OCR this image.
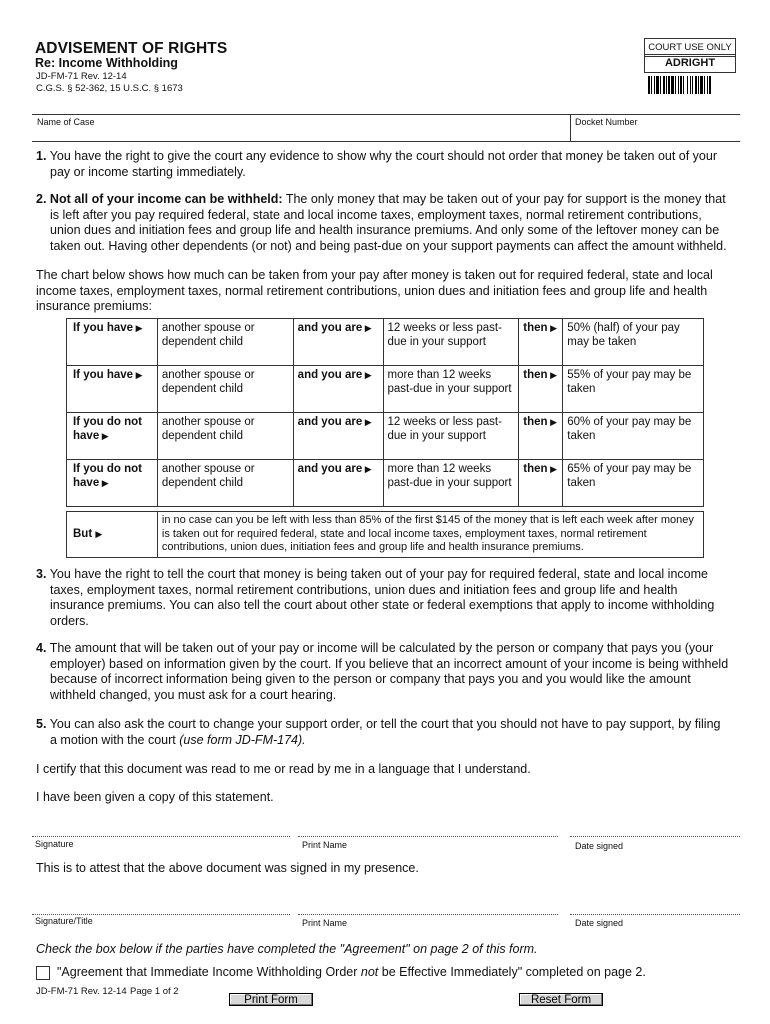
ADVISEMENT OF RIGHTS
Re: Income Withholding
JD-FM-71 Rev. 12-14
C.G.S. § 52-362, 15 U.S.C. § 1673
COURT USE ONLY
ADRIGHT
Name of Case	Docket Number
1. You have the right to give the court any evidence to show why the court should not order that money be taken out of your
pay or income starting immediately.
2. Not all of your income can be withheld: The only money that may be taken out of your pay for support is the money that
is left after you pay required federal, state and local income taxes, employment taxes, normal retirement contributions,
union dues and initiation fees and group life and health insurance premiums. And only some of the leftover money can be
taken out. Having other dependents (or not) and being past-due on your support payments can affect the amount withheld.
The chart below shows how much can be taken from your pay after money is taken out for required federal, state and local
income taxes, employment taxes, normal retirement contributions, union dues and initiation fees and group life and health
insurance premiums:
If you have ▶	another spouse or dependent child	and you are ▶	12 weeks or less past-due in your support	then ▶	50% (half) of your pay may be taken
If you have ▶	another spouse or dependent child	and you are ▶	more than 12 weeks past-due in your support	then ▶	55% of your pay may be taken
If you do not have ▶	another spouse or dependent child	and you are ▶	12 weeks or less past-due in your support	then ▶	60% of your pay may be taken
If you do not have ▶	another spouse or dependent child	and you are ▶	more than 12 weeks past-due in your support	then ▶	65% of your pay may be taken
But ▶	in no case can you be left with less than 85% of the first $145 of the money that is left each week after money is taken out for required federal, state and local income taxes, employment taxes, normal retirement contributions, union dues, initiation fees and group life and health insurance premiums.
3. You have the right to tell the court that money is being taken out of your pay for required federal, state and local income
taxes, employment taxes, normal retirement contributions, union dues and initiation fees and group life and health
insurance premiums. You can also tell the court about other state or federal exemptions that apply to income withholding
orders.
4. The amount that will be taken out of your pay or income will be calculated by the person or company that pays you (your
employer) based on information given by the court. If you believe that an incorrect amount of your income is being withheld
because of incorrect information being given to the person or company that pays you and you would like the amount
withheld changed, you must ask for a court hearing.
5. You can also ask the court to change your support order, or tell the court that you should not have to pay support, by filing
a motion with the court (use form JD-FM-174).
I certify that this document was read to me or read by me in a language that I understand.
I have been given a copy of this statement.
Signature	Print Name	Date signed
This is to attest that the above document was signed in my presence.
Signature/Title	Print Name	Date signed
Check the box below if the parties have completed the "Agreement" on page 2 of this form.
"Agreement that Immediate Income Withholding Order not be Effective Immediately" completed on page 2.
JD-FM-71 Rev. 12-14 Page 1 of 2
Print Form	Reset Form
